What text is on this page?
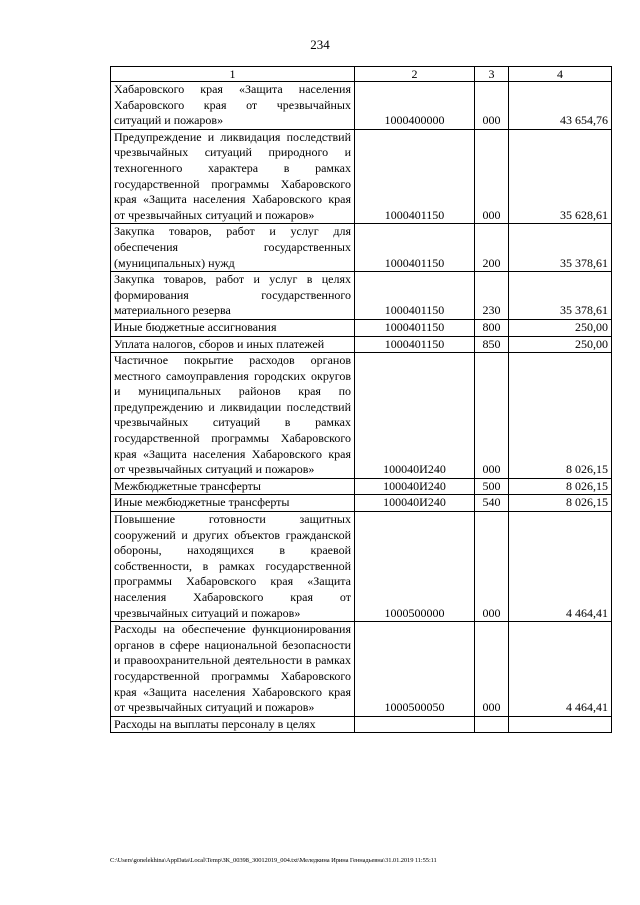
234
1	2	3	4
Хабаровского края «Защита населения Хабаровского края от чрезвычайных ситуаций и пожаров»	1000400000	000	43 654,76
Предупреждение и ликвидация последствий чрезвычайных ситуаций природного и техногенного характера в рамках государственной программы Хабаровского края «Защита населения Хабаровского края от чрезвычайных ситуаций и пожаров»	1000401150	000	35 628,61
Закупка товаров, работ и услуг для обеспечения государственных (муниципальных) нужд	1000401150	200	35 378,61
Закупка товаров, работ и услуг в целях формирования государственного материального резерва	1000401150	230	35 378,61
Иные бюджетные ассигнования	1000401150	800	250,00
Уплата налогов, сборов и иных платежей	1000401150	850	250,00
Частичное покрытие расходов органов местного самоуправления городских округов и муниципальных районов края по предупреждению и ликвидации последствий чрезвычайных ситуаций в рамках государственной программы Хабаровского края «Защита населения Хабаровского края от чрезвычайных ситуаций и пожаров»	100040И240	000	8 026,15
Межбюджетные трансферты	100040И240	500	8 026,15
Иные межбюджетные трансферты	100040И240	540	8 026,15
Повышение готовности защитных сооружений и других объектов гражданской обороны, находящихся в краевой собственности, в рамках государственной программы Хабаровского края «Защита населения Хабаровского края от чрезвычайных ситуаций и пожаров»	1000500000	000	4 464,41
Расходы на обеспечение функционирования органов в сфере национальной безопасности и правоохранительной деятельности в рамках государственной программы Хабаровского края «Защита населения Хабаровского края от чрезвычайных ситуаций и пожаров»	1000500050	000	4 464,41
Расходы на выплаты персоналу в целях			
C:\Users\gonelekhina\AppData\Local\Temp\ЗК_00398_30012019_004.txt\Меледкина Ирина Геннадьевна\31.01.2019 11:55:11
